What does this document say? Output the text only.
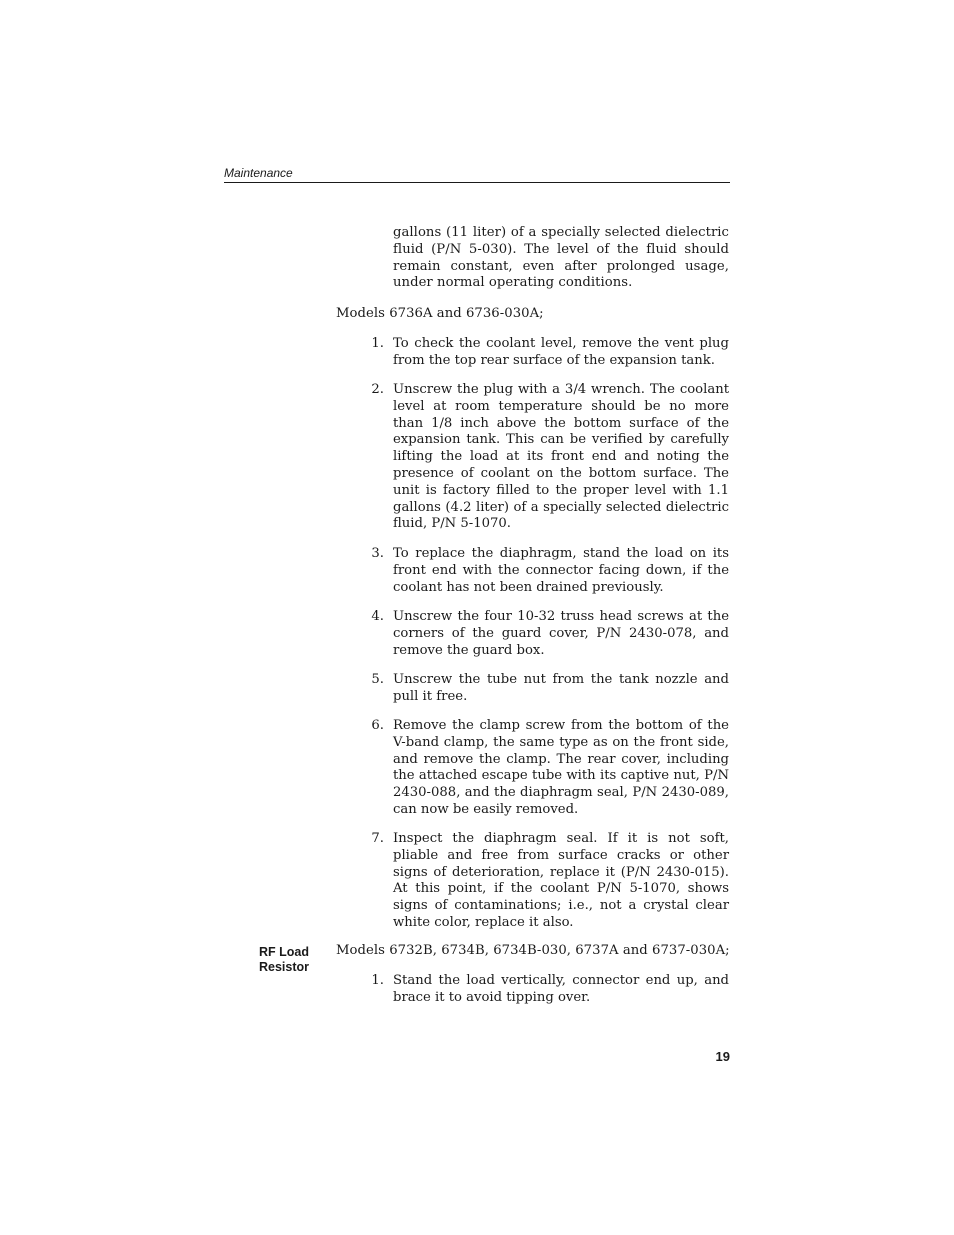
Maintenance

gallons (11 liter) of a specially selected dielectric fluid (P/N 5-030). The level of the fluid should remain constant, even after prolonged usage, under normal operating conditions.

Models 6736A and 6736-030A;

1. To check the coolant level, remove the vent plug from the top rear surface of the expansion tank.

2. Unscrew the plug with a 3/4 wrench. The coolant level at room temperature should be no more than 1/8 inch above the bottom surface of the expansion tank. This can be verified by carefully lifting the load at its front end and noting the presence of coolant on the bottom surface. The unit is factory filled to the proper level with 1.1 gallons (4.2 liter) of a specially selected dielectric fluid, P/N 5-1070.

3. To replace the diaphragm, stand the load on its front end with the connector facing down, if the coolant has not been drained previously.

4. Unscrew the four 10-32 truss head screws at the corners of the guard cover, P/N 2430-078, and remove the guard box.

5. Unscrew the tube nut from the tank nozzle and pull it free.

6. Remove the clamp screw from the bottom of the V-band clamp, the same type as on the front side, and remove the clamp. The rear cover, including the attached escape tube with its captive nut, P/N 2430-088, and the diaphragm seal, P/N 2430-089, can now be easily removed.

7. Inspect the diaphragm seal. If it is not soft, pliable and free from surface cracks or other signs of deterioration, replace it (P/N 2430-015). At this point, if the coolant P/N 5-1070, shows signs of contaminations; i.e., not a crystal clear white color, replace it also.

RF Load
Resistor

Models 6732B, 6734B, 6734B-030, 6737A and 6737-030A;

1. Stand the load vertically, connector end up, and brace it to avoid tipping over.

19
